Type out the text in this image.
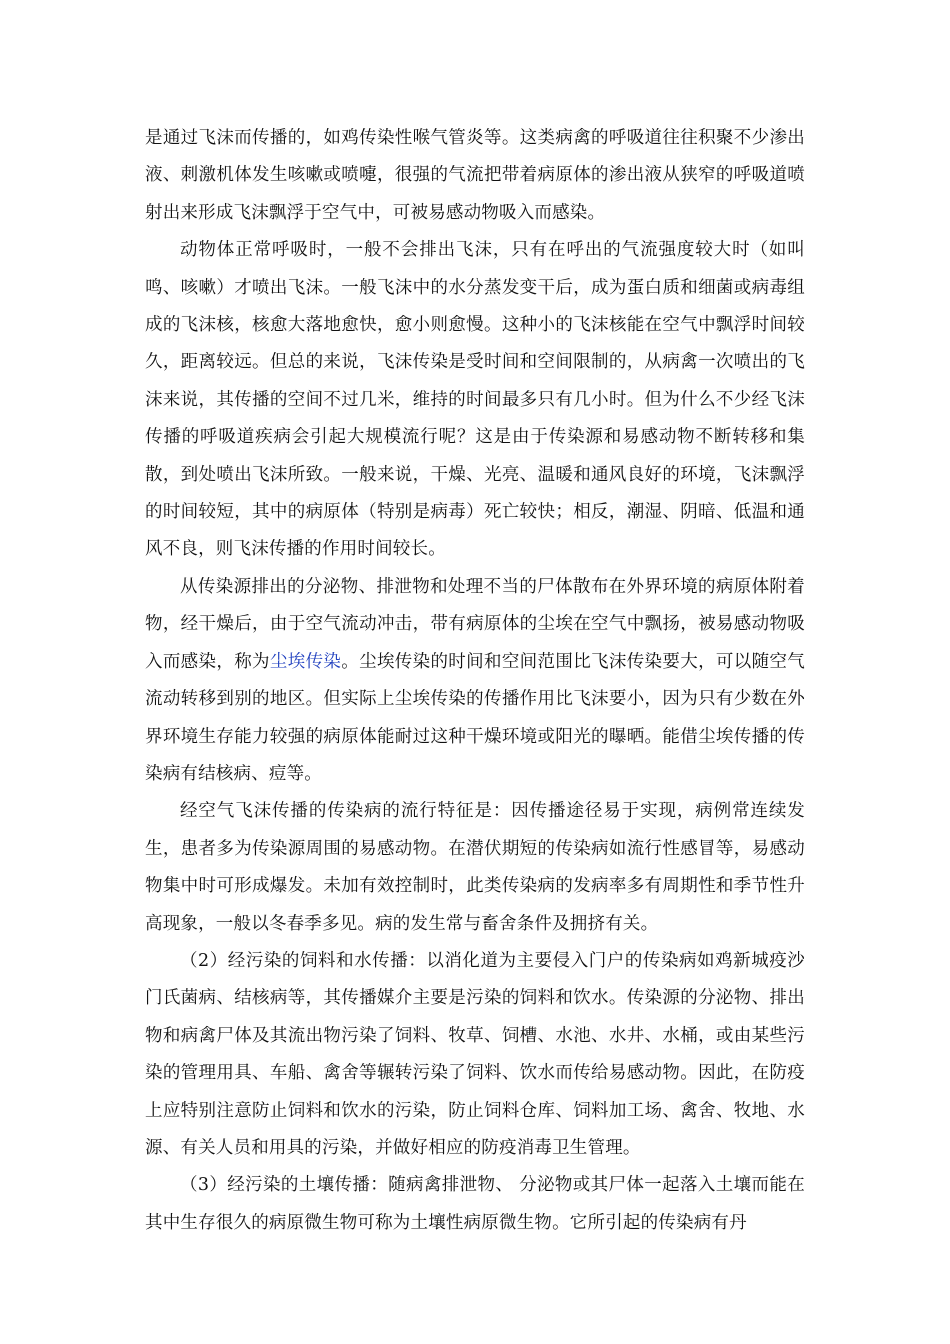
是通过飞沫而传播的，如鸡传染性喉气管炎等。这类病禽的呼吸道往往积聚不少渗出液、刺激机体发生咳嗽或喷嚏，很强的气流把带着病原体的渗出液从狭窄的呼吸道喷射出来形成飞沫飘浮于空气中，可被易感动物吸入而感染。

动物体正常呼吸时，一般不会排出飞沫，只有在呼出的气流强度较大时（如叫鸣、咳嗽）才喷出飞沫。一般飞沫中的水分蒸发变干后，成为蛋白质和细菌或病毒组成的飞沫核，核愈大落地愈快，愈小则愈慢。这种小的飞沫核能在空气中飘浮时间较久，距离较远。但总的来说，飞沫传染是受时间和空间限制的，从病禽一次喷出的飞沫来说，其传播的空间不过几米，维持的时间最多只有几小时。但为什么不少经飞沫传播的呼吸道疾病会引起大规模流行呢？这是由于传染源和易感动物不断转移和集散，到处喷出飞沫所致。一般来说，干燥、光亮、温暖和通风良好的环境，飞沫飘浮的时间较短，其中的病原体（特别是病毒）死亡较快；相反，潮湿、阴暗、低温和通风不良，则飞沫传播的作用时间较长。

从传染源排出的分泌物、排泄物和处理不当的尸体散布在外界环境的病原体附着物，经干燥后，由于空气流动冲击，带有病原体的尘埃在空气中飘扬，被易感动物吸入而感染，称为尘埃传染。尘埃传染的时间和空间范围比飞沫传染要大，可以随空气流动转移到别的地区。但实际上尘埃传染的传播作用比飞沫要小，因为只有少数在外界环境生存能力较强的病原体能耐过这种干燥环境或阳光的曝晒。能借尘埃传播的传染病有结核病、痘等。

经空气飞沫传播的传染病的流行特征是：因传播途径易于实现，病例常连续发生，患者多为传染源周围的易感动物。在潜伏期短的传染病如流行性感冒等，易感动物集中时可形成爆发。未加有效控制时，此类传染病的发病率多有周期性和季节性升高现象，一般以冬春季多见。病的发生常与畜舍条件及拥挤有关。

（2）经污染的饲料和水传播：以消化道为主要侵入门户的传染病如鸡新城疫沙门氏菌病、结核病等，其传播媒介主要是污染的饲料和饮水。传染源的分泌物、排出物和病禽尸体及其流出物污染了饲料、牧草、饲槽、水池、水井、水桶，或由某些污染的管理用具、车船、禽舍等辗转污染了饲料、饮水而传给易感动物。因此，在防疫上应特别注意防止饲料和饮水的污染，防止饲料仓库、饲料加工场、禽舍、牧地、水源、有关人员和用具的污染，并做好相应的防疫消毒卫生管理。

（3）经污染的土壤传播：随病禽排泄物、 分泌物或其尸体一起落入土壤而能在其中生存很久的病原微生物可称为土壤性病原微生物。它所引起的传染病有丹
